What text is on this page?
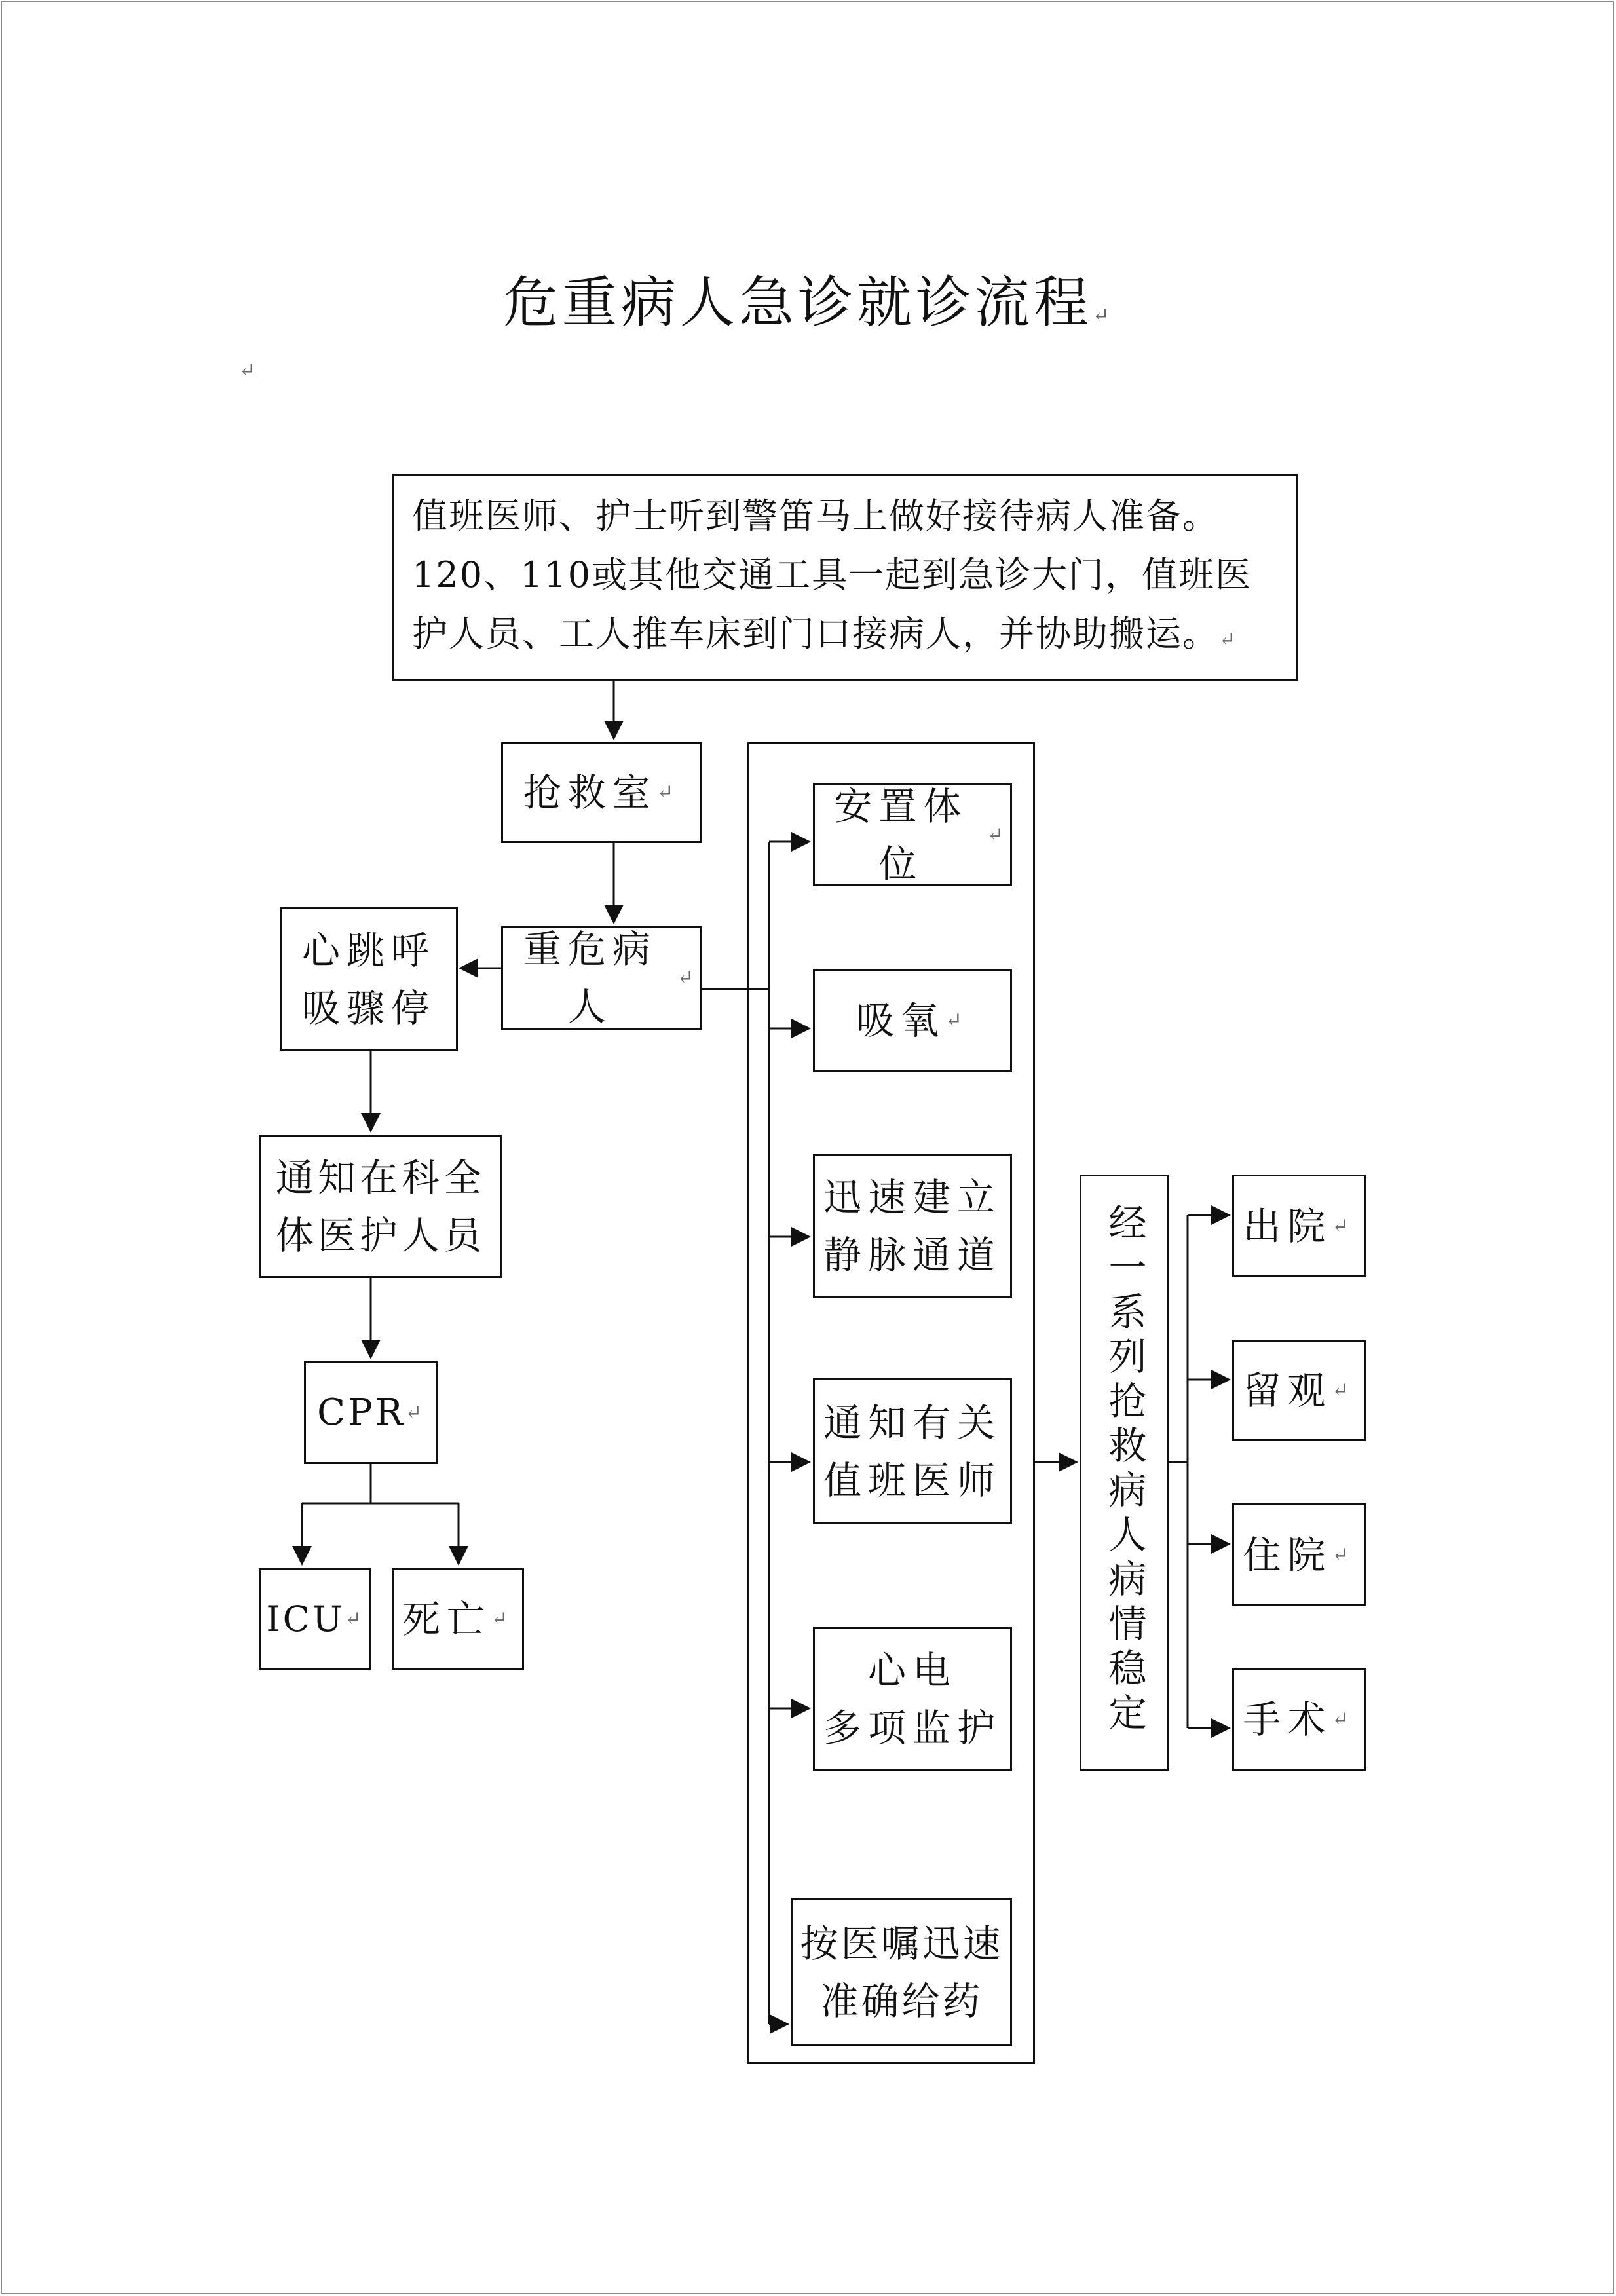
危重病人急诊就诊流程↵
↵
值班医师、护士听到警笛马上做好接待病人准备。
120、110或其他交通工具一起到急诊大门，值班医
护人员、工人推车床到门口接病人，并协助搬运。↵
抢救室 ↵
重危病人
↵
心跳呼
吸骤停
通知在科全
体医护人员
CPR ↵
ICU ↵ 死亡 ↵
安置体位
↵
吸氧 ↵
迅速建立
静脉通道
通知有关
值班医师
心电
多项监护
按医嘱迅速
准确给药
经一系列抢救病人病情稳定	出院 ↵
留观 ↵
住院 ↵
手术 ↵
